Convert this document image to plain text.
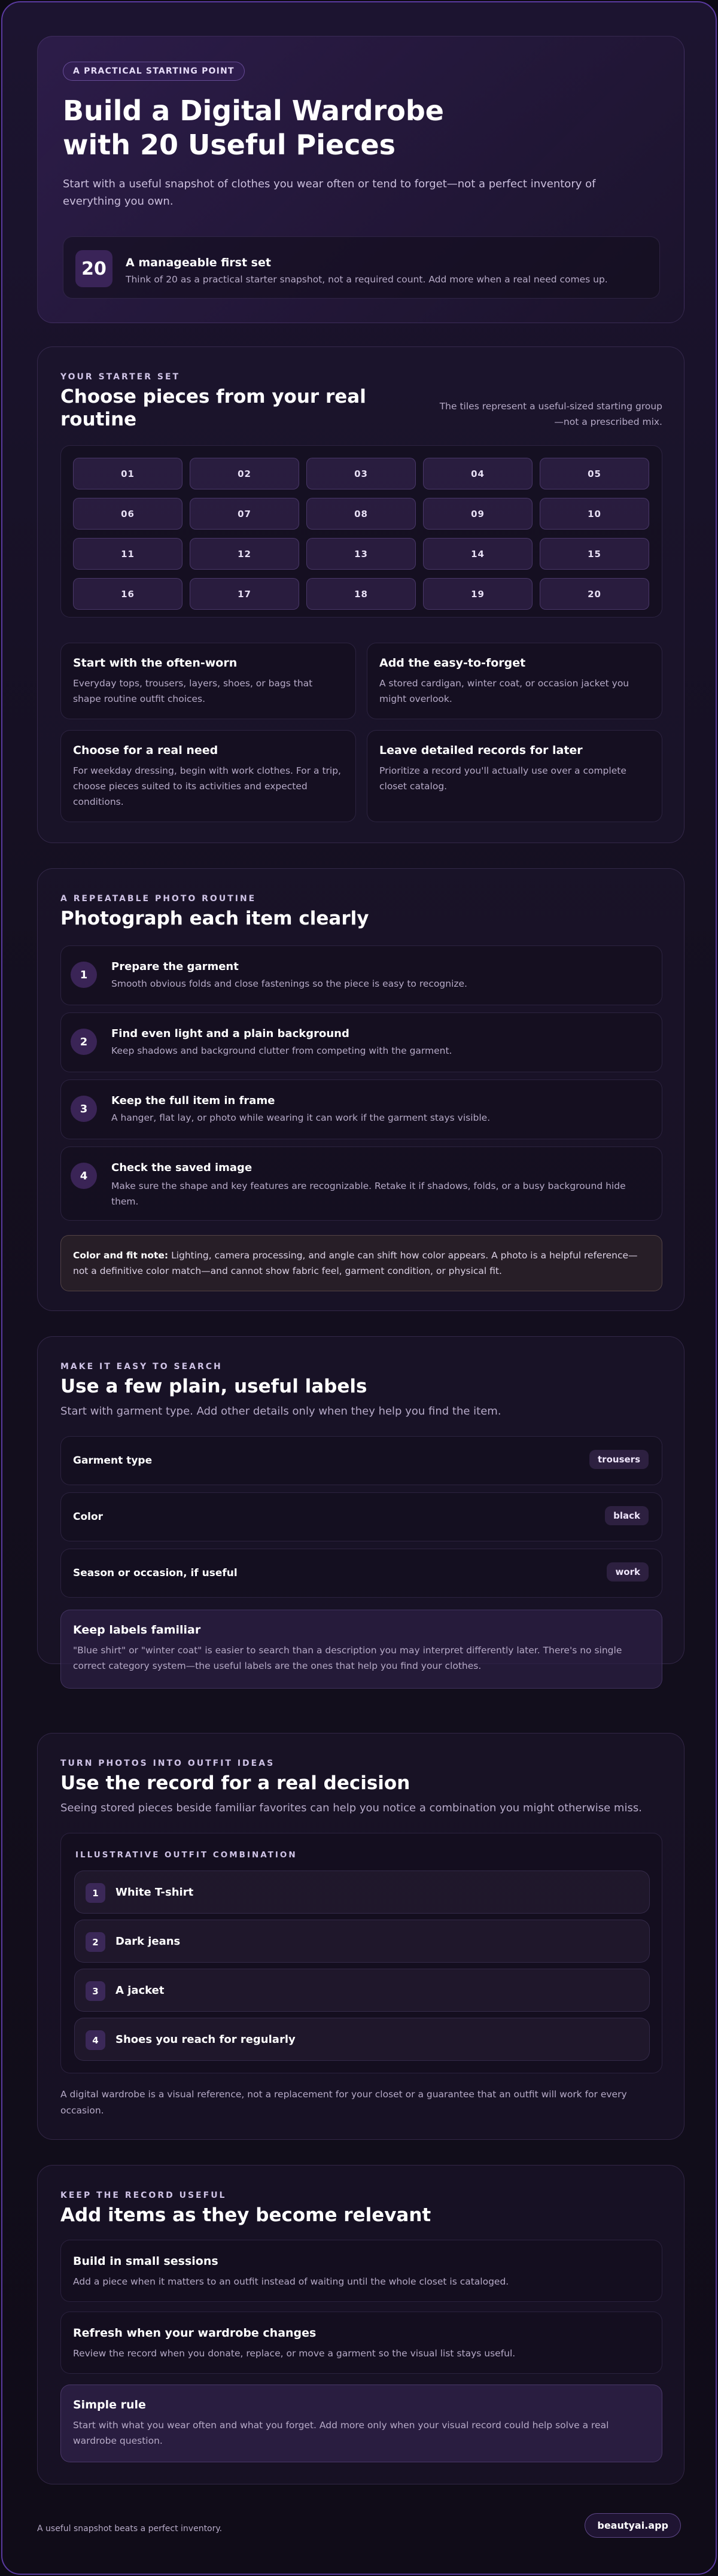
A PRACTICAL STARTING POINT
Build a Digital Wardrobe
with 20 Useful Pieces
Start with a useful snapshot of clothes you wear often or tend to forget—not a perfect inventory of everything you own.
20	A manageable first set
Think of 20 as a practical starter snapshot, not a required count. Add more when a real need comes up.
YOUR STARTER SET
Choose pieces from your real routine
The tiles represent a useful-sized starting group—not a prescribed mix.
01	02	03	04	05
06	07	08	09	10
11	12	13	14	15
16	17	18	19	20
Start with the often-worn
Everyday tops, trousers, layers, shoes, or bags that shape routine outfit choices.
Add the easy-to-forget
A stored cardigan, winter coat, or occasion jacket you might overlook.
Choose for a real need
For weekday dressing, begin with work clothes. For a trip, choose pieces suited to its activities and expected conditions.
Leave detailed records for later
Prioritize a record you'll actually use over a complete closet catalog.
A REPEATABLE PHOTO ROUTINE
Photograph each item clearly
1
Prepare the garment
Smooth obvious folds and close fastenings so the piece is easy to recognize.
2
Find even light and a plain background
Keep shadows and background clutter from competing with the garment.
3
Keep the full item in frame
A hanger, flat lay, or photo while wearing it can work if the garment stays visible.
4
Check the saved image
Make sure the shape and key features are recognizable. Retake it if shadows, folds, or a busy background hide them.
Color and fit note: Lighting, camera processing, and angle can shift how color appears. A photo is a helpful reference—not a definitive color match—and cannot show fabric feel, garment condition, or physical fit.
MAKE IT EASY TO SEARCH
Use a few plain, useful labels
Start with garment type. Add other details only when they help you find the item.
Garment type	trousers
Color	black
Season or occasion, if useful	work
Keep labels familiar
"Blue shirt" or "winter coat" is easier to search than a description you may interpret differently later. There's no single correct category system—the useful labels are the ones that help you find your clothes.
TURN PHOTOS INTO OUTFIT IDEAS
Use the record for a real decision
Seeing stored pieces beside familiar favorites can help you notice a combination you might otherwise miss.
ILLUSTRATIVE OUTFIT COMBINATION
1	White T-shirt
2	Dark jeans
3	A jacket
4	Shoes you reach for regularly
A digital wardrobe is a visual reference, not a replacement for your closet or a guarantee that an outfit will work for every occasion.
KEEP THE RECORD USEFUL
Add items as they become relevant
Build in small sessions
Add a piece when it matters to an outfit instead of waiting until the whole closet is cataloged.
Refresh when your wardrobe changes
Review the record when you donate, replace, or move a garment so the visual list stays useful.
Simple rule
Start with what you wear often and what you forget. Add more only when your visual record could help solve a real wardrobe question.
A useful snapshot beats a perfect inventory.	beautyai.app
